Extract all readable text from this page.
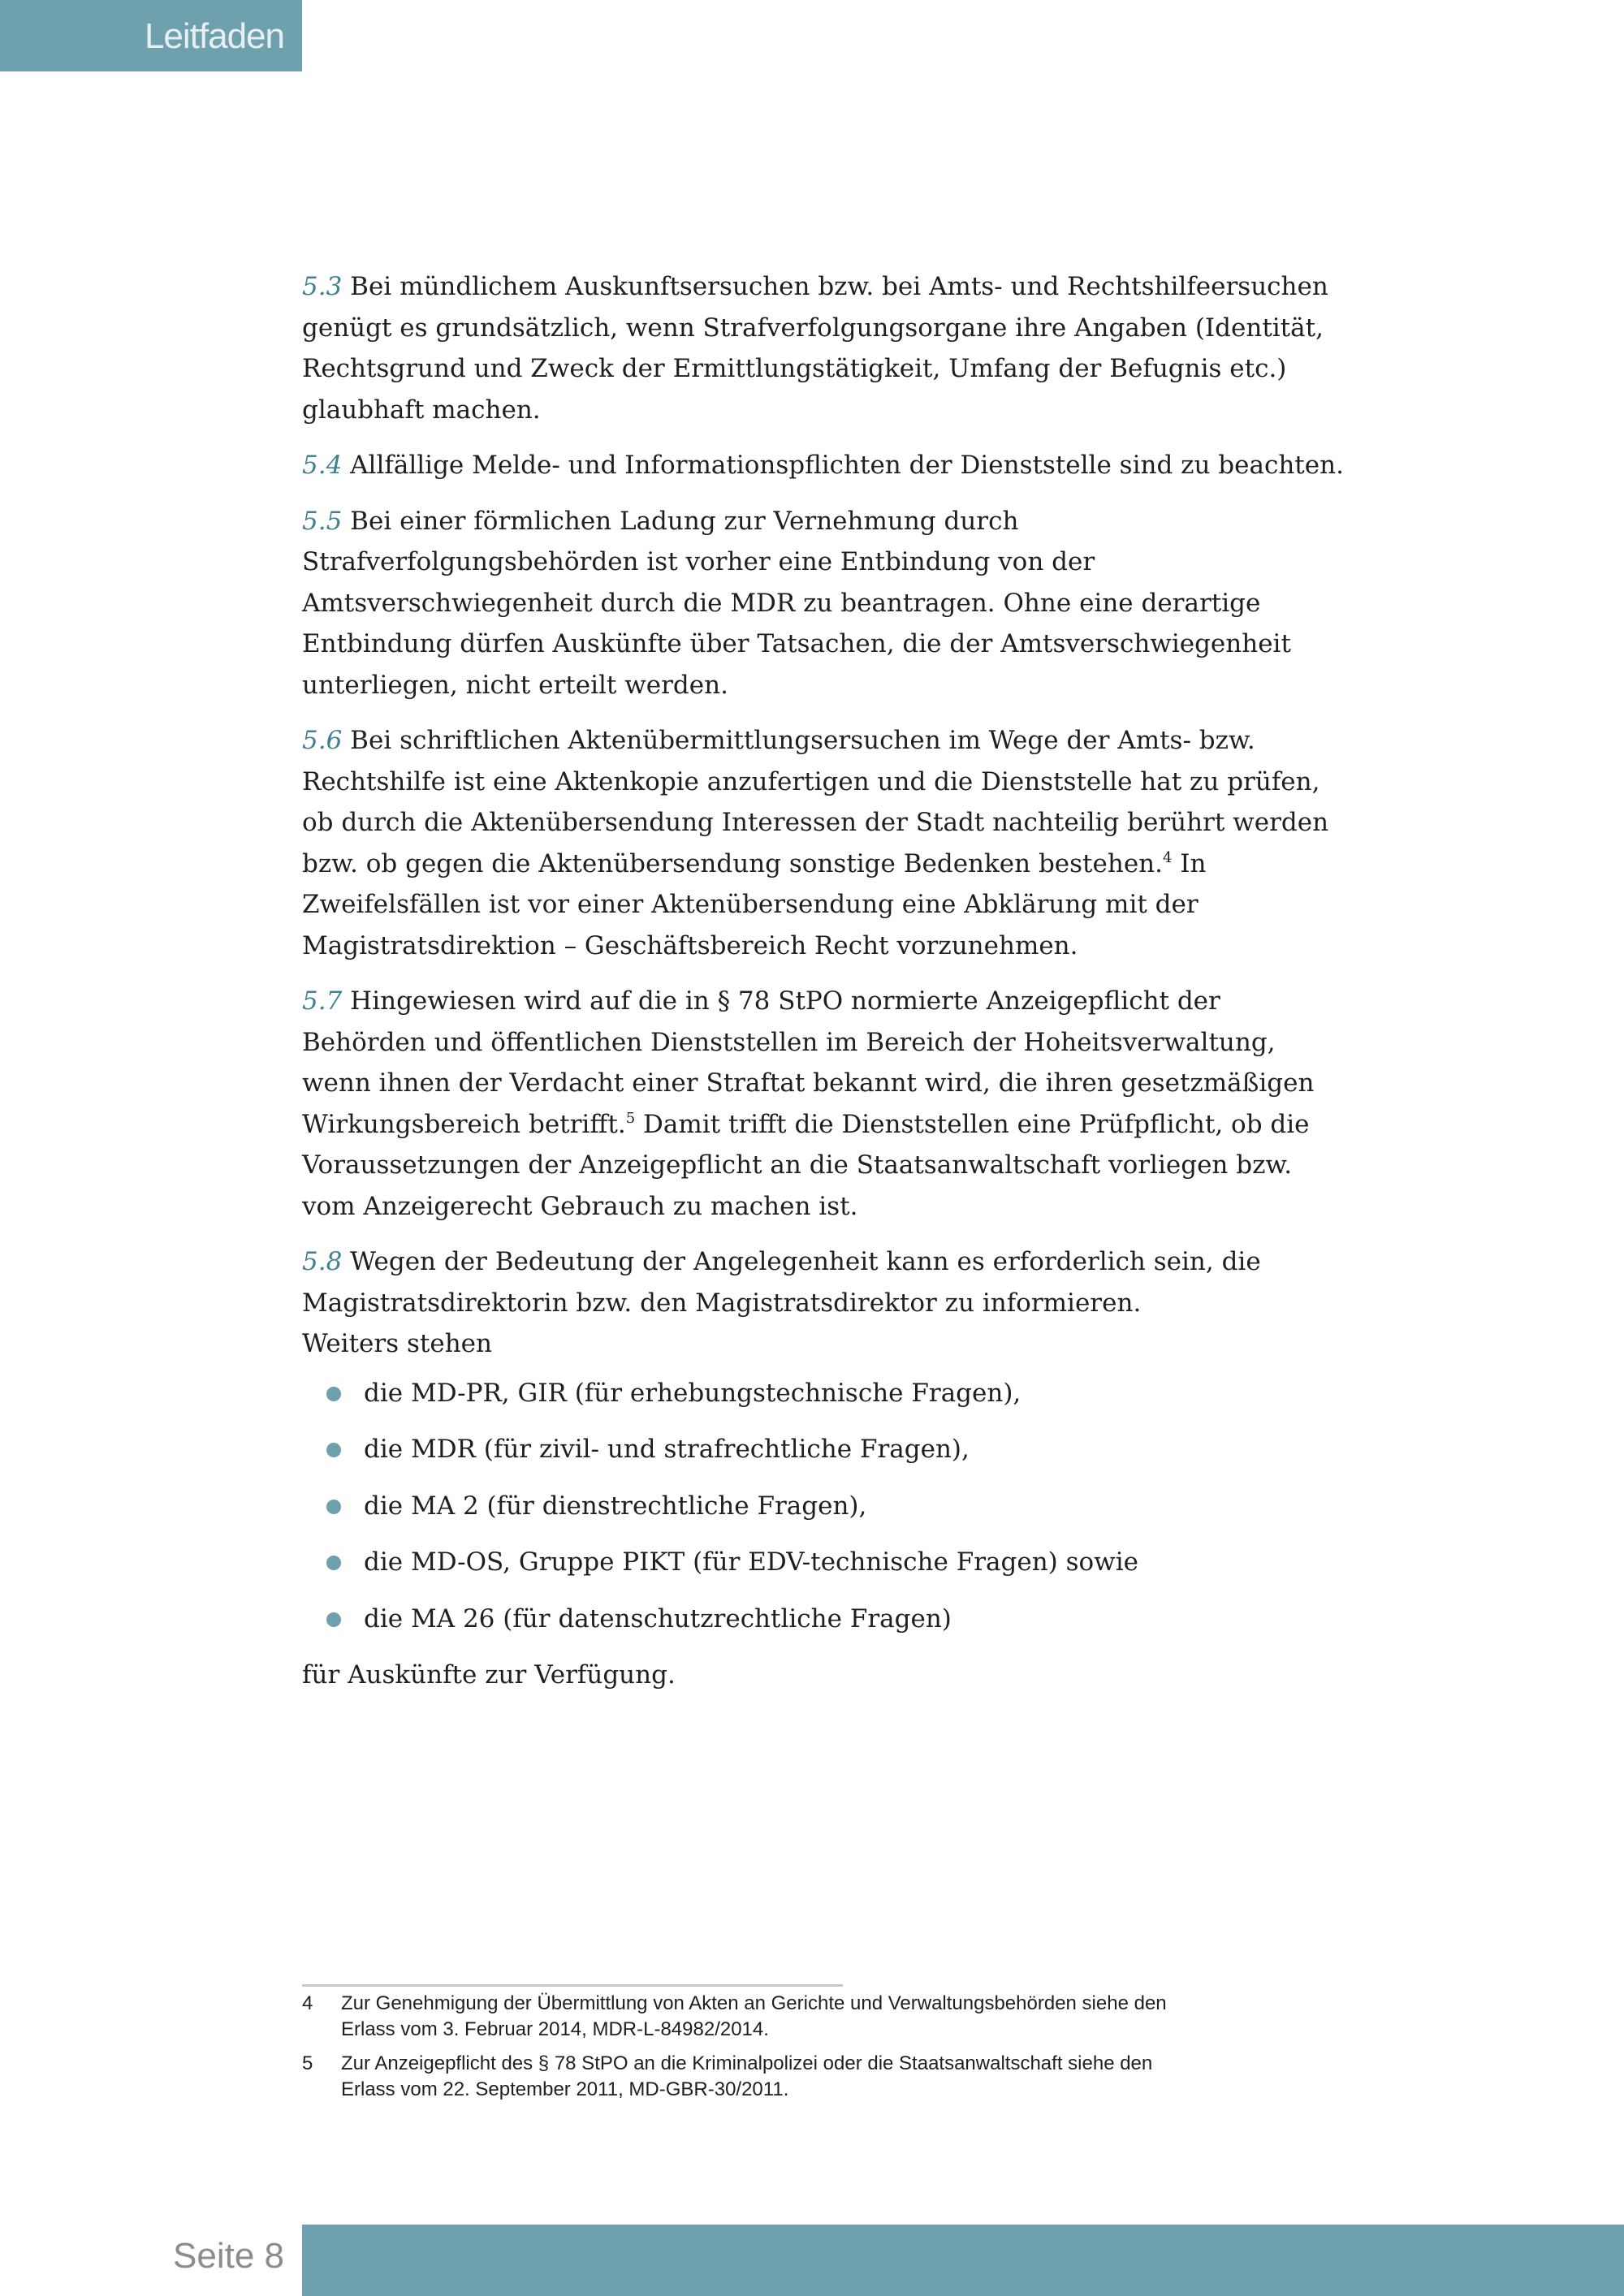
Leitfaden

5.3 Bei mündlichem Auskunftsersuchen bzw. bei Amts- und Rechtshilfeersuchen genügt es grundsätzlich, wenn Strafverfolgungsorgane ihre Angaben (Identität, Rechtsgrund und Zweck der Ermittlungstätigkeit, Umfang der Befugnis etc.) glaubhaft machen.

5.4 Allfällige Melde- und Informationspflichten der Dienststelle sind zu beachten.

5.5 Bei einer förmlichen Ladung zur Vernehmung durch Strafverfolgungsbehörden ist vorher eine Entbindung von der Amtsverschwiegenheit durch die MDR zu beantragen. Ohne eine derartige Entbindung dürfen Auskünfte über Tatsachen, die der Amtsverschwiegenheit unterliegen, nicht erteilt werden.

5.6 Bei schriftlichen Aktenübermittlungsersuchen im Wege der Amts- bzw. Rechtshilfe ist eine Aktenkopie anzufertigen und die Dienststelle hat zu prüfen, ob durch die Aktenübersendung Interessen der Stadt nachteilig berührt werden bzw. ob gegen die Aktenübersendung sonstige Bedenken bestehen.$^4$ In Zweifelsfällen ist vor einer Aktenübersendung eine Abklärung mit der Magistratsdirektion – Geschäftsbereich Recht vorzunehmen.

5.7 Hingewiesen wird auf die in § 78 StPO normierte Anzeigepflicht der Behörden und öffentlichen Dienststellen im Bereich der Hoheitsverwaltung, wenn ihnen der Verdacht einer Straftat bekannt wird, die ihren gesetzmäßigen Wirkungsbereich betrifft.$^5$ Damit trifft die Dienststellen eine Prüfpflicht, ob die Voraussetzungen der Anzeigepflicht an die Staatsanwaltschaft vorliegen bzw. vom Anzeigerecht Gebrauch zu machen ist.

5.8 Wegen der Bedeutung der Angelegenheit kann es erforderlich sein, die Magistratsdirektorin bzw. den Magistratsdirektor zu informieren.
Weiters stehen

die MD-PR, GIR (für erhebungstechnische Fragen),
die MDR (für zivil- und strafrechtliche Fragen),
die MA 2 (für dienstrechtliche Fragen),
die MD-OS, Gruppe PIKT (für EDV-technische Fragen) sowie
die MA 26 (für datenschutzrechtliche Fragen)

für Auskünfte zur Verfügung.

4	Zur Genehmigung der Übermittlung von Akten an Gerichte und Verwaltungsbehörden siehe den Erlass vom 3. Februar 2014, MDR-L-84982/2014.
5	Zur Anzeigepflicht des § 78 StPO an die Kriminalpolizei oder die Staatsanwaltschaft siehe den Erlass vom 22. September 2011, MD-GBR-30/2011.
Seite 8
